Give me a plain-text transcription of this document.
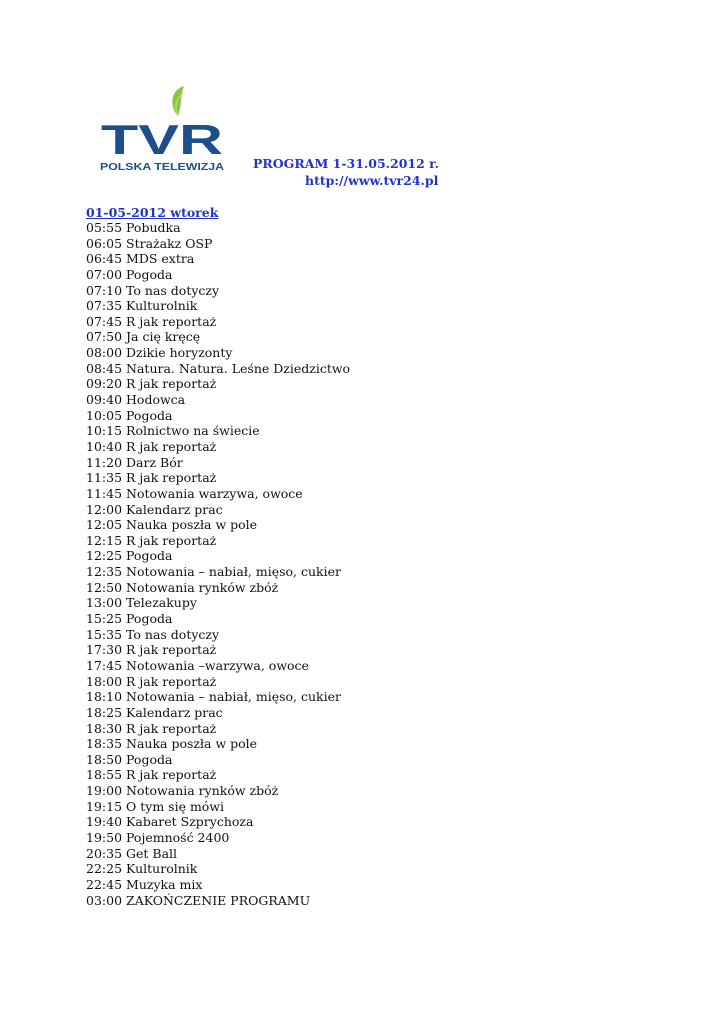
TVR
POLSKA TELEWIZJA PROGRAM 1-31.05.2012 r.
http://www.tvr24.pl
01-05-2012 wtorek
05:55 Pobudka
06:05 Strażakz OSP
06:45 MDS extra
07:00 Pogoda
07:10 To nas dotyczy
07:35 Kulturolnik
07:45 R jak reportaż
07:50 Ja cię kręcę
08:00 Dzikie horyzonty
08:45 Natura. Natura. Leśne Dziedzictwo
09:20 R jak reportaż
09:40 Hodowca
10:05 Pogoda
10:15 Rolnictwo na świecie
10:40 R jak reportaż
11:20 Darz Bór
11:35 R jak reportaż
11:45 Notowania warzywa, owoce
12:00 Kalendarz prac
12:05 Nauka poszła w pole
12:15 R jak reportaż
12:25 Pogoda
12:35 Notowania – nabiał, mięso, cukier
12:50 Notowania rynków zbóż
13:00 Telezakupy
15:25 Pogoda
15:35 To nas dotyczy
17:30 R jak reportaż
17:45 Notowania –warzywa, owoce
18:00 R jak reportaż
18:10 Notowania – nabiał, mięso, cukier
18:25 Kalendarz prac
18:30 R jak reportaż
18:35 Nauka poszła w pole
18:50 Pogoda
18:55 R jak reportaż
19:00 Notowania rynków zbóż
19:15 O tym się mówi
19:40 Kabaret Szprychoza
19:50 Pojemność 2400
20:35 Get Ball
22:25 Kulturolnik
22:45 Muzyka mix
03:00 ZAKOŃCZENIE PROGRAMU
